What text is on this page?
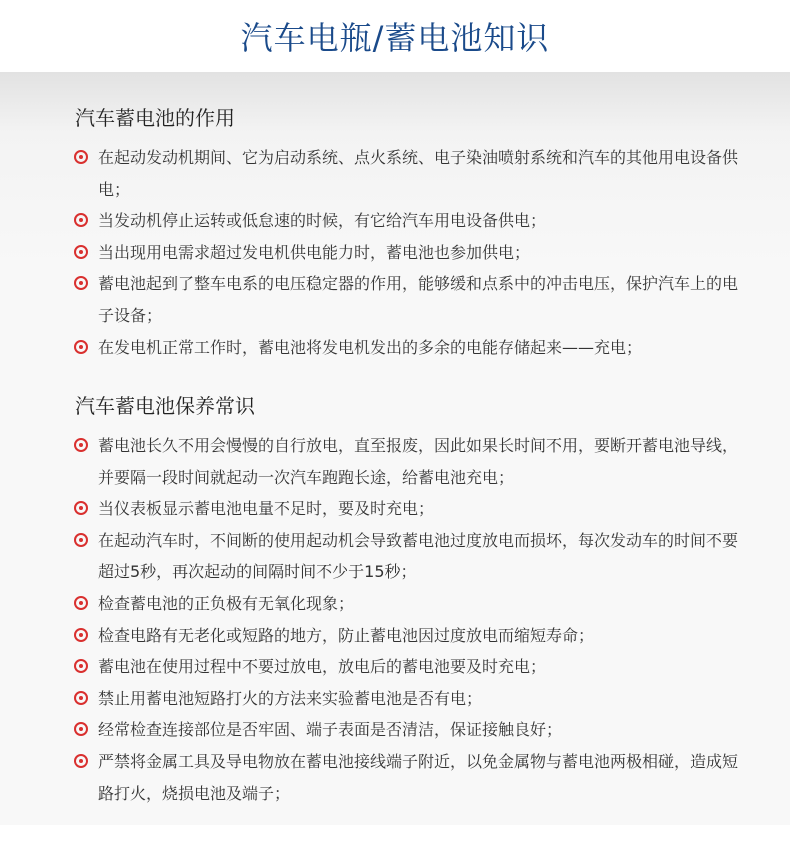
汽车电瓶/蓄电池知识
汽车蓄电池的作用
在起动发动机期间、它为启动系统、点火系统、电子染油喷射系统和汽车的其他用电设备供电；
当发动机停止运转或低怠速的时候，有它给汽车用电设备供电；
当出现用电需求超过发电机供电能力时，蓄电池也参加供电；
蓄电池起到了整车电系的电压稳定器的作用，能够缓和点系中的冲击电压，保护汽车上的电子设备；
在发电机正常工作时，蓄电池将发电机发出的多余的电能存储起来——充电；
汽车蓄电池保养常识
蓄电池长久不用会慢慢的自行放电，直至报废，因此如果长时间不用，要断开蓄电池导线，并要隔一段时间就起动一次汽车跑跑长途，给蓄电池充电；
当仪表板显示蓄电池电量不足时，要及时充电；
在起动汽车时，不间断的使用起动机会导致蓄电池过度放电而损坏，每次发动车的时间不要超过5秒，再次起动的间隔时间不少于15秒；
检查蓄电池的正负极有无氧化现象；
检查电路有无老化或短路的地方，防止蓄电池因过度放电而缩短寿命；
蓄电池在使用过程中不要过放电，放电后的蓄电池要及时充电；
禁止用蓄电池短路打火的方法来实验蓄电池是否有电；
经常检查连接部位是否牢固、端子表面是否清洁，保证接触良好；
严禁将金属工具及导电物放在蓄电池接线端子附近，以免金属物与蓄电池两极相碰，造成短路打火，烧损电池及端子；
